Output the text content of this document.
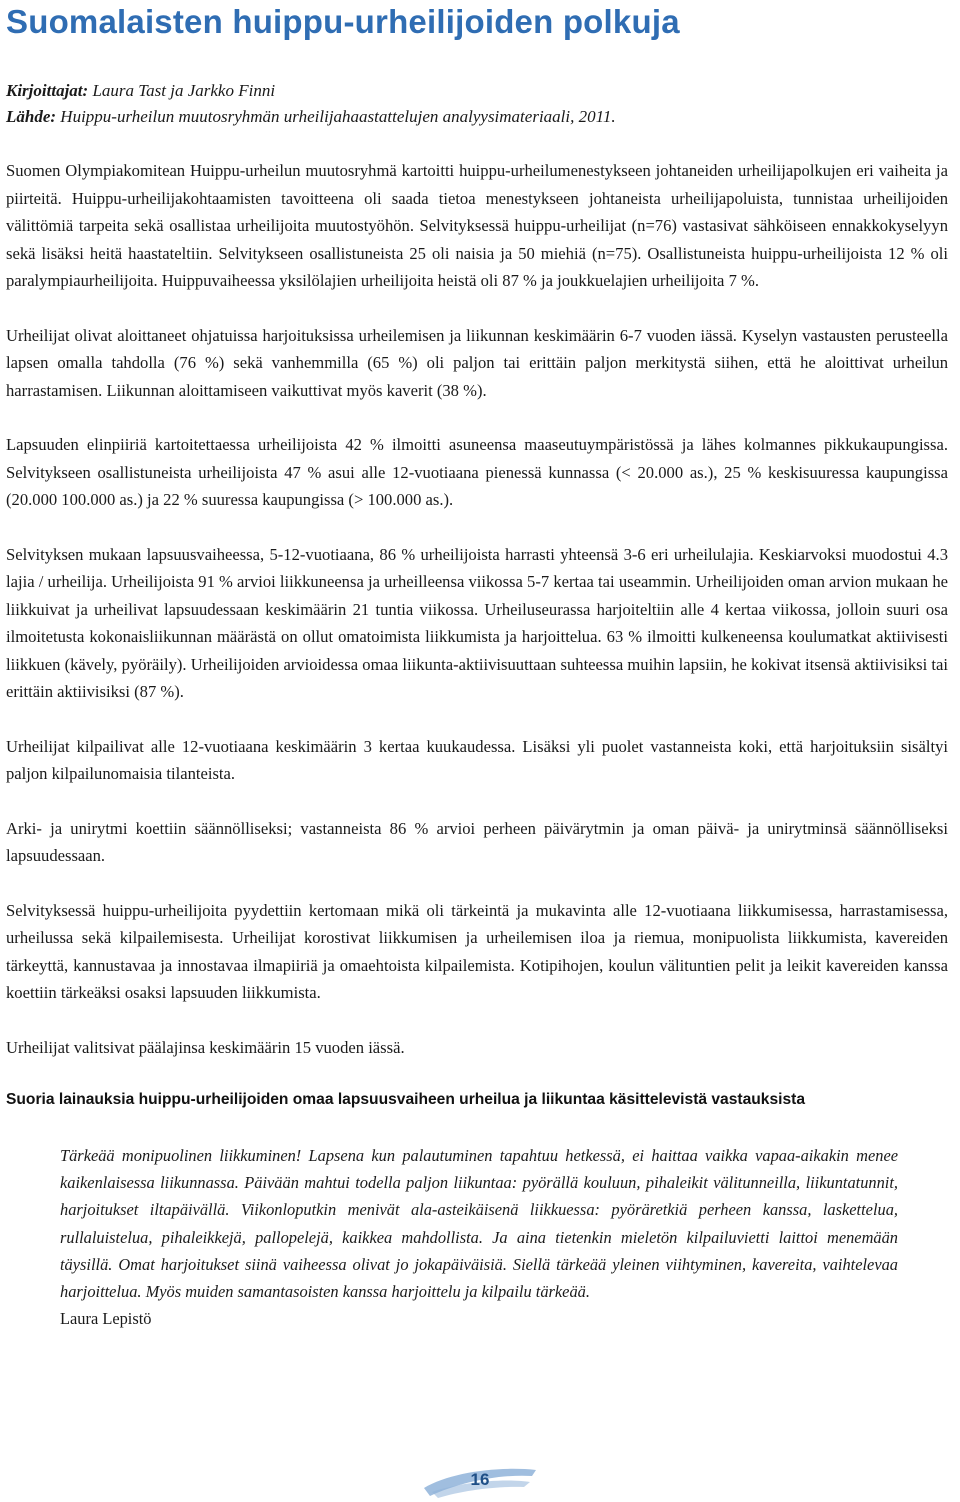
Suomalaisten huippu-urheilijoiden polkuja
Kirjoittajat: Laura Tast ja Jarkko Finni
Lähde: Huippu-urheilun muutosryhmän urheilijahaastattelujen analyysimateriaali, 2011.

Suomen Olympiakomitean Huippu-urheilun muutosryhmä kartoitti huippu-urheilumenestykseen johtaneiden urheilijapolkujen eri vaiheita ja piirteitä. Huippu-urheilijakohtaamisten tavoitteena oli saada tietoa menestykseen johtaneista urheilijapoluista, tunnistaa urheilijoiden välittömiä tarpeita sekä osallistaa urheilijoita muutostyöhön. Selvityksessä huippu-urheilijat (n=76) vastasivat sähköiseen ennakkokyselyyn sekä lisäksi heitä haastateltiin. Selvitykseen osallistuneista 25 oli naisia ja 50 miehiä (n=75). Osallistuneista huippu-urheilijoista 12 % oli paralympiaurheilijoita. Huippuvaiheessa yksilölajien urheilijoita heistä oli 87 % ja joukkuelajien urheilijoita 7 %.

Urheilijat olivat aloittaneet ohjatuissa harjoituksissa urheilemisen ja liikunnan keskimäärin 6-7 vuoden iässä. Kyselyn vastausten perusteella lapsen omalla tahdolla (76 %) sekä vanhemmilla (65 %) oli paljon tai erittäin paljon merkitystä siihen, että he aloittivat urheilun harrastamisen. Liikunnan aloittamiseen vaikuttivat myös kaverit (38 %).

Lapsuuden elinpiiriä kartoitettaessa urheilijoista 42 % ilmoitti asuneensa maaseutuympäristössä ja lähes kolmannes pikkukaupungissa. Selvitykseen osallistuneista urheilijoista 47 % asui alle 12-vuotiaana pienessä kunnassa (< 20.000 as.), 25 % keskisuuressa kaupungissa (20.000 100.000 as.) ja 22 % suuressa kaupungissa (> 100.000 as.).

Selvityksen mukaan lapsuusvaiheessa, 5-12-vuotiaana, 86 % urheilijoista harrasti yhteensä 3-6 eri urheilulajia. Keskiarvoksi muodostui 4.3 lajia / urheilija. Urheilijoista 91 % arvioi liikkuneensa ja urheilleensa viikossa 5-7 kertaa tai useammin. Urheilijoiden oman arvion mukaan he liikkuivat ja urheilivat lapsuudessaan keskimäärin 21 tuntia viikossa. Urheiluseurassa harjoiteltiin alle 4 kertaa viikossa, jolloin suuri osa ilmoitetusta kokonaisliikunnan määrästä on ollut omatoimista liikkumista ja harjoittelua. 63 % ilmoitti kulkeneensa koulumatkat aktiivisesti liikkuen (kävely, pyöräily). Urheilijoiden arvioidessa omaa liikunta-aktiivisuuttaan suhteessa muihin lapsiin, he kokivat itsensä aktiivisiksi tai erittäin aktiivisiksi (87 %).

Urheilijat kilpailivat alle 12-vuotiaana keskimäärin 3 kertaa kuukaudessa. Lisäksi yli puolet vastanneista koki, että harjoituksiin sisältyi paljon kilpailunomaisia tilanteista.

Arki- ja unirytmi koettiin säännölliseksi; vastanneista 86 % arvioi perheen päivärytmin ja oman päivä- ja unirytminsä säännölliseksi lapsuudessaan.

Selvityksessä huippu-urheilijoita pyydettiin kertomaan mikä oli tärkeintä ja mukavinta alle 12-vuotiaana liikkumisessa, harrastamisessa, urheilussa sekä kilpailemisesta. Urheilijat korostivat liikkumisen ja urheilemisen iloa ja riemua, monipuolista liikkumista, kavereiden tärkeyttä, kannustavaa ja innostavaa ilmapiiriä ja omaehtoista kilpailemista. Kotipihojen, koulun välituntien pelit ja leikit kavereiden kanssa koettiin tärkeäksi osaksi lapsuuden liikkumista.

Urheilijat valitsivat päälajinsa keskimäärin 15 vuoden iässä.

Suoria lainauksia huippu-urheilijoiden omaa lapsuusvaiheen urheilua ja liikuntaa käsittelevistä vastauksista
Tärkeää monipuolinen liikkuminen! Lapsena kun palautuminen tapahtuu hetkessä, ei haittaa vaikka vapaa-aikakin menee kaikenlaisessa liikunnassa. Päivään mahtui todella paljon liikuntaa: pyörällä kouluun, pihaleikit välitunneilla, liikuntatunnit, harjoitukset iltapäivällä. Viikonloputkin menivät ala-asteikäisenä liikkuessa: pyöräretkiä perheen kanssa, laskettelua, rullaluistelua, pihaleikkejä, pallopelejä, kaikkea mahdollista. Ja aina tietenkin mieletön kilpailuvietti laittoi menemään täysillä. Omat harjoitukset siinä vaiheessa olivat jo jokapäiväisiä. Siellä tärkeää yleinen viihtyminen, kavereita, vaihtelevaa harjoittelua. Myös muiden samantasoisten kanssa harjoittelu ja kilpailu tärkeää.
Laura Lepistö
16
